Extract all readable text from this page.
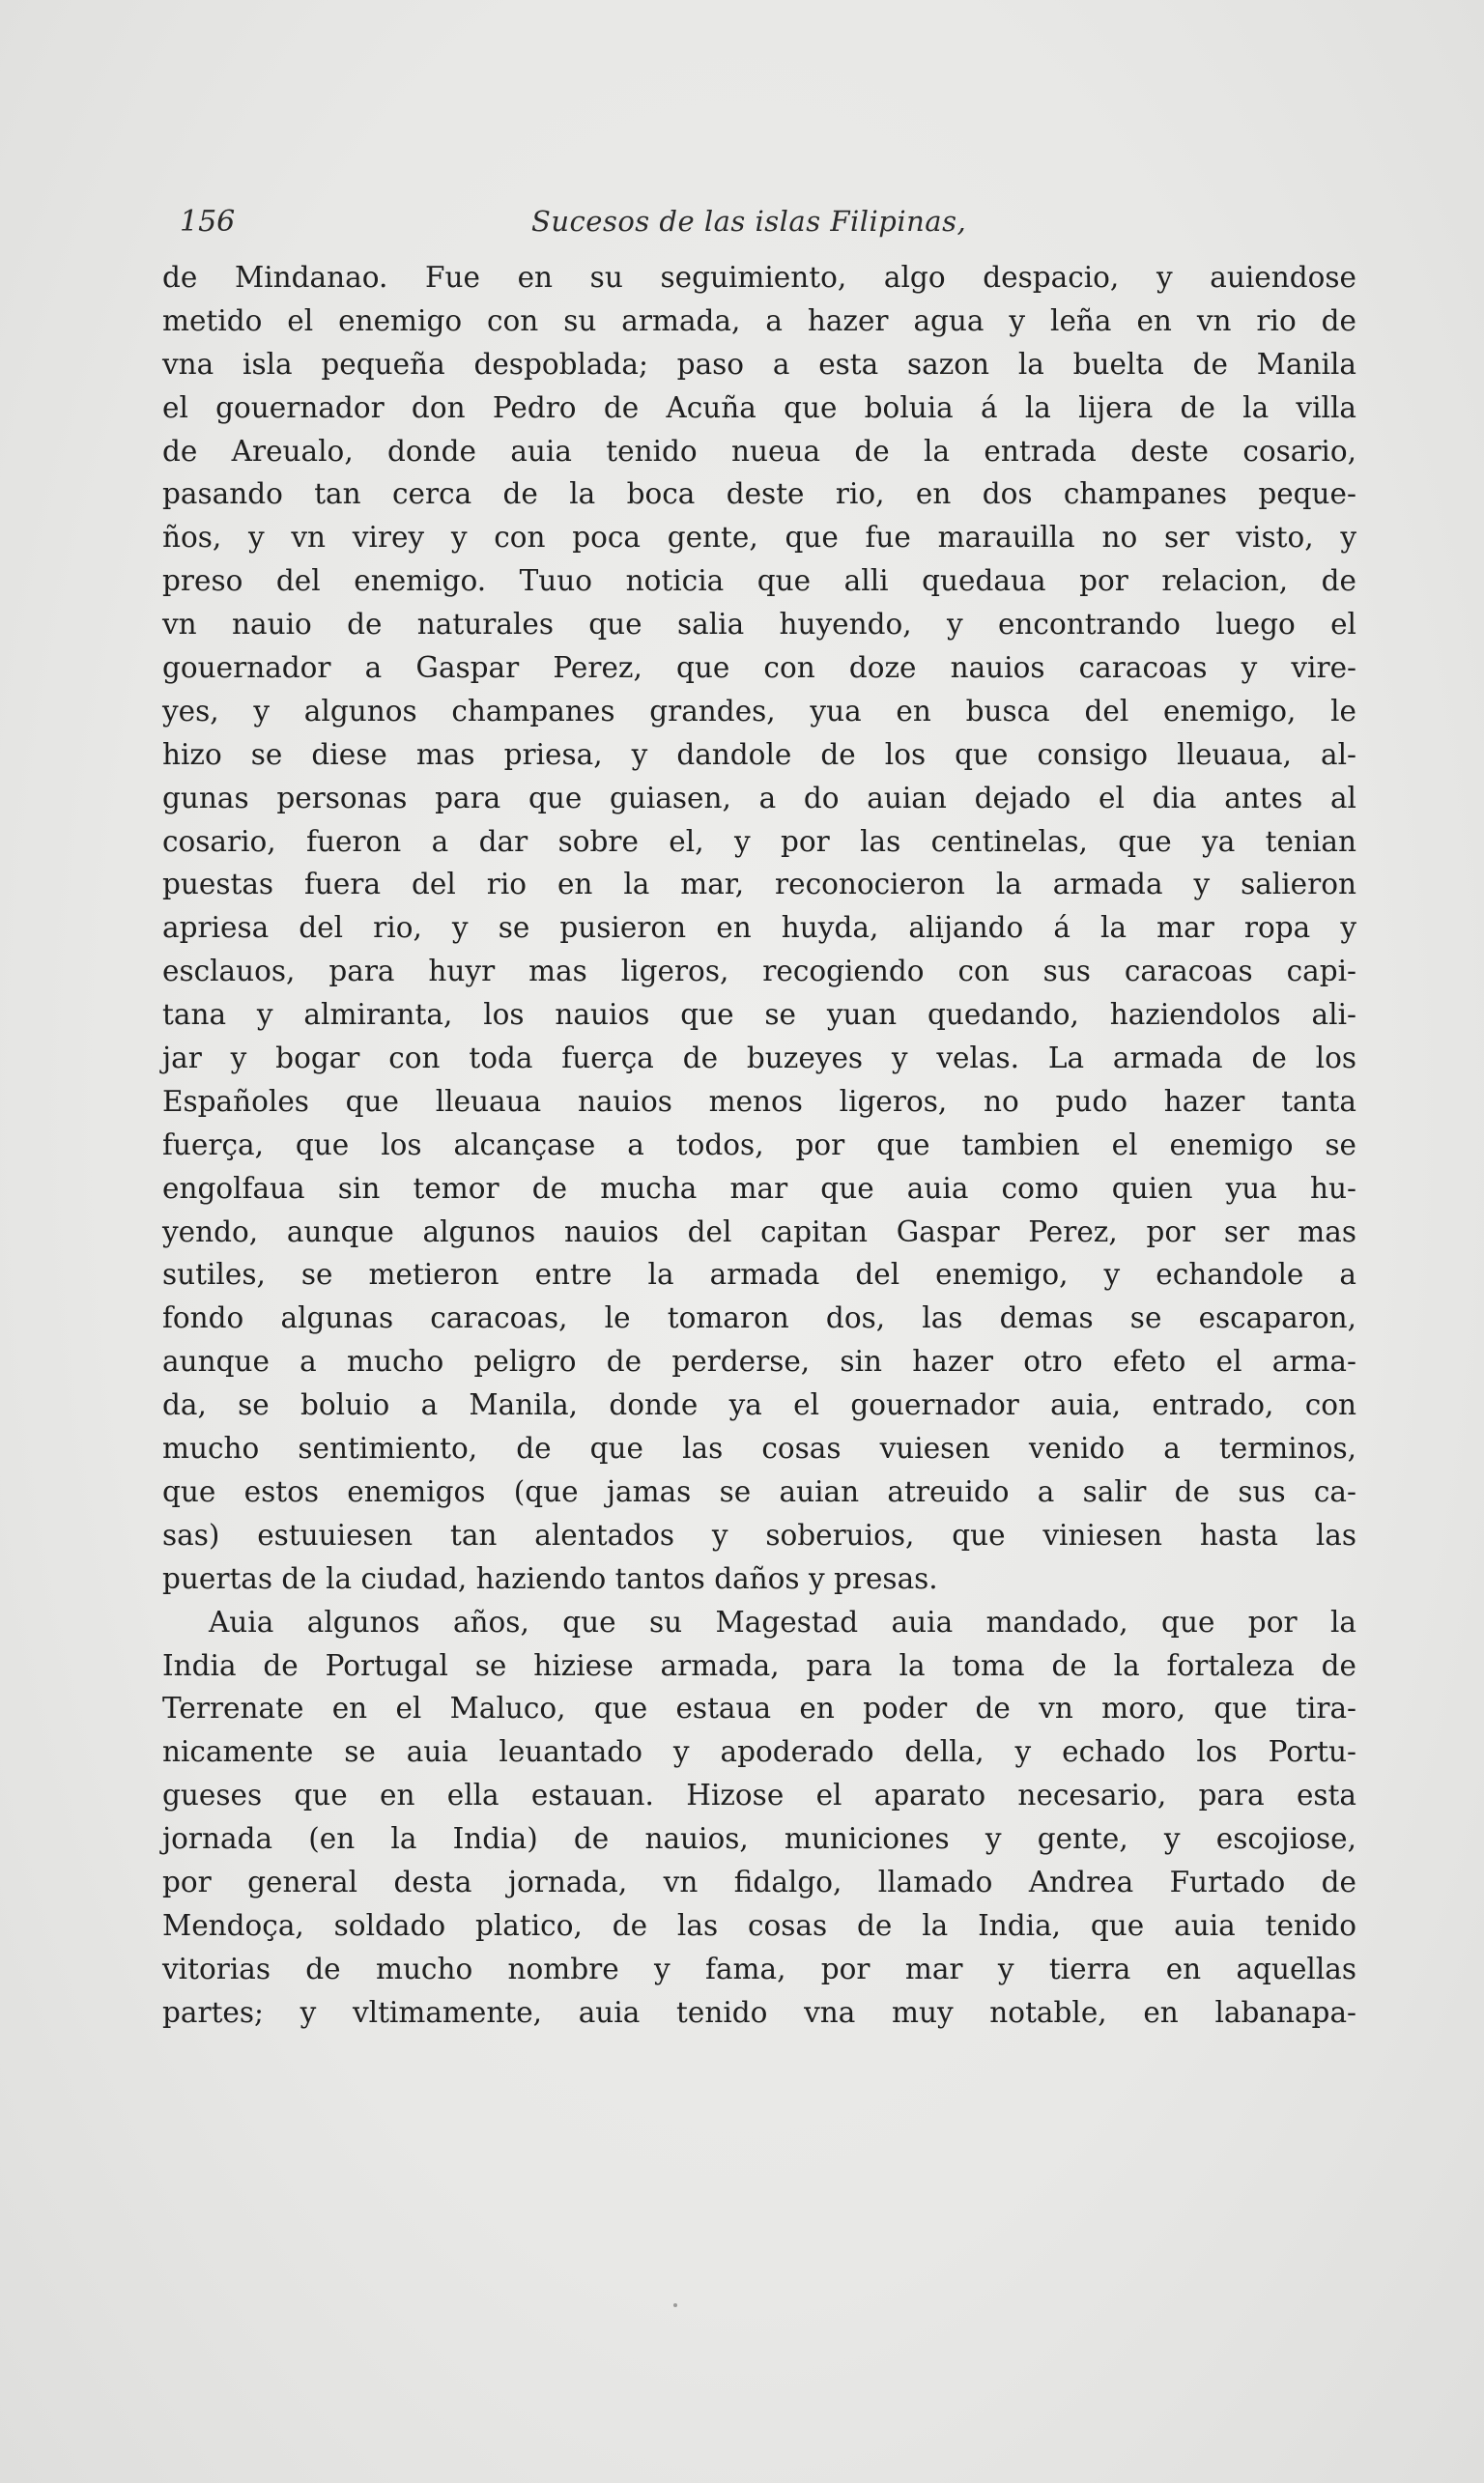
156	Sucesos de las islas Filipinas,
de Mindanao. Fue en su seguimiento, algo despacio, y auiendose
metido el enemigo con su armada, a hazer agua y leña en vn rio de
vna isla pequeña despoblada; paso a esta sazon la buelta de Manila
el gouernador don Pedro de Acuña que boluia á la lijera de la villa
de Areualo, donde auia tenido nueua de la entrada deste cosario,
pasando tan cerca de la boca deste rio, en dos champanes peque-
ños, y vn virey y con poca gente, que fue marauilla no ser visto, y
preso del enemigo. Tuuo noticia que alli quedaua por relacion, de
vn nauio de naturales que salia huyendo, y encontrando luego el
gouernador a Gaspar Perez, que con doze nauios caracoas y vire-
yes, y algunos champanes grandes, yua en busca del enemigo, le
hizo se diese mas priesa, y dandole de los que consigo lleuaua, al-
gunas personas para que guiasen, a do auian dejado el dia antes al
cosario, fueron a dar sobre el, y por las centinelas, que ya tenian
puestas fuera del rio en la mar, reconocieron la armada y salieron
apriesa del rio, y se pusieron en huyda, alijando á la mar ropa y
esclauos, para huyr mas ligeros, recogiendo con sus caracoas capi-
tana y almiranta, los nauios que se yuan quedando, haziendolos ali-
jar y bogar con toda fuerça de buzeyes y velas. La armada de los
Españoles que lleuaua nauios menos ligeros, no pudo hazer tanta
fuerça, que los alcançase a todos, por que tambien el enemigo se
engolfaua sin temor de mucha mar que auia como quien yua hu-
yendo, aunque algunos nauios del capitan Gaspar Perez, por ser mas
sutiles, se metieron entre la armada del enemigo, y echandole a
fondo algunas caracoas, le tomaron dos, las demas se escaparon,
aunque a mucho peligro de perderse, sin hazer otro efeto el arma-
da, se boluio a Manila, donde ya el gouernador auia, entrado, con
mucho sentimiento, de que las cosas vuiesen venido a terminos,
que estos enemigos (que jamas se auian atreuido a salir de sus ca-
sas) estuuiesen tan alentados y soberuios, que viniesen hasta las
puertas de la ciudad, haziendo tantos daños y presas.
Auia algunos años, que su Magestad auia mandado, que por la
India de Portugal se hiziese armada, para la toma de la fortaleza de
Terrenate en el Maluco, que estaua en poder de vn moro, que tira-
nicamente se auia leuantado y apoderado della, y echado los Portu-
gueses que en ella estauan. Hizose el aparato necesario, para esta
jornada (en la India) de nauios, municiones y gente, y escojiose,
por general desta jornada, vn fidalgo, llamado Andrea Furtado de
Mendoça, soldado platico, de las cosas de la India, que auia tenido
vitorias de mucho nombre y fama, por mar y tierra en aquellas
partes; y vltimamente, auia tenido vna muy notable, en labanapa-
